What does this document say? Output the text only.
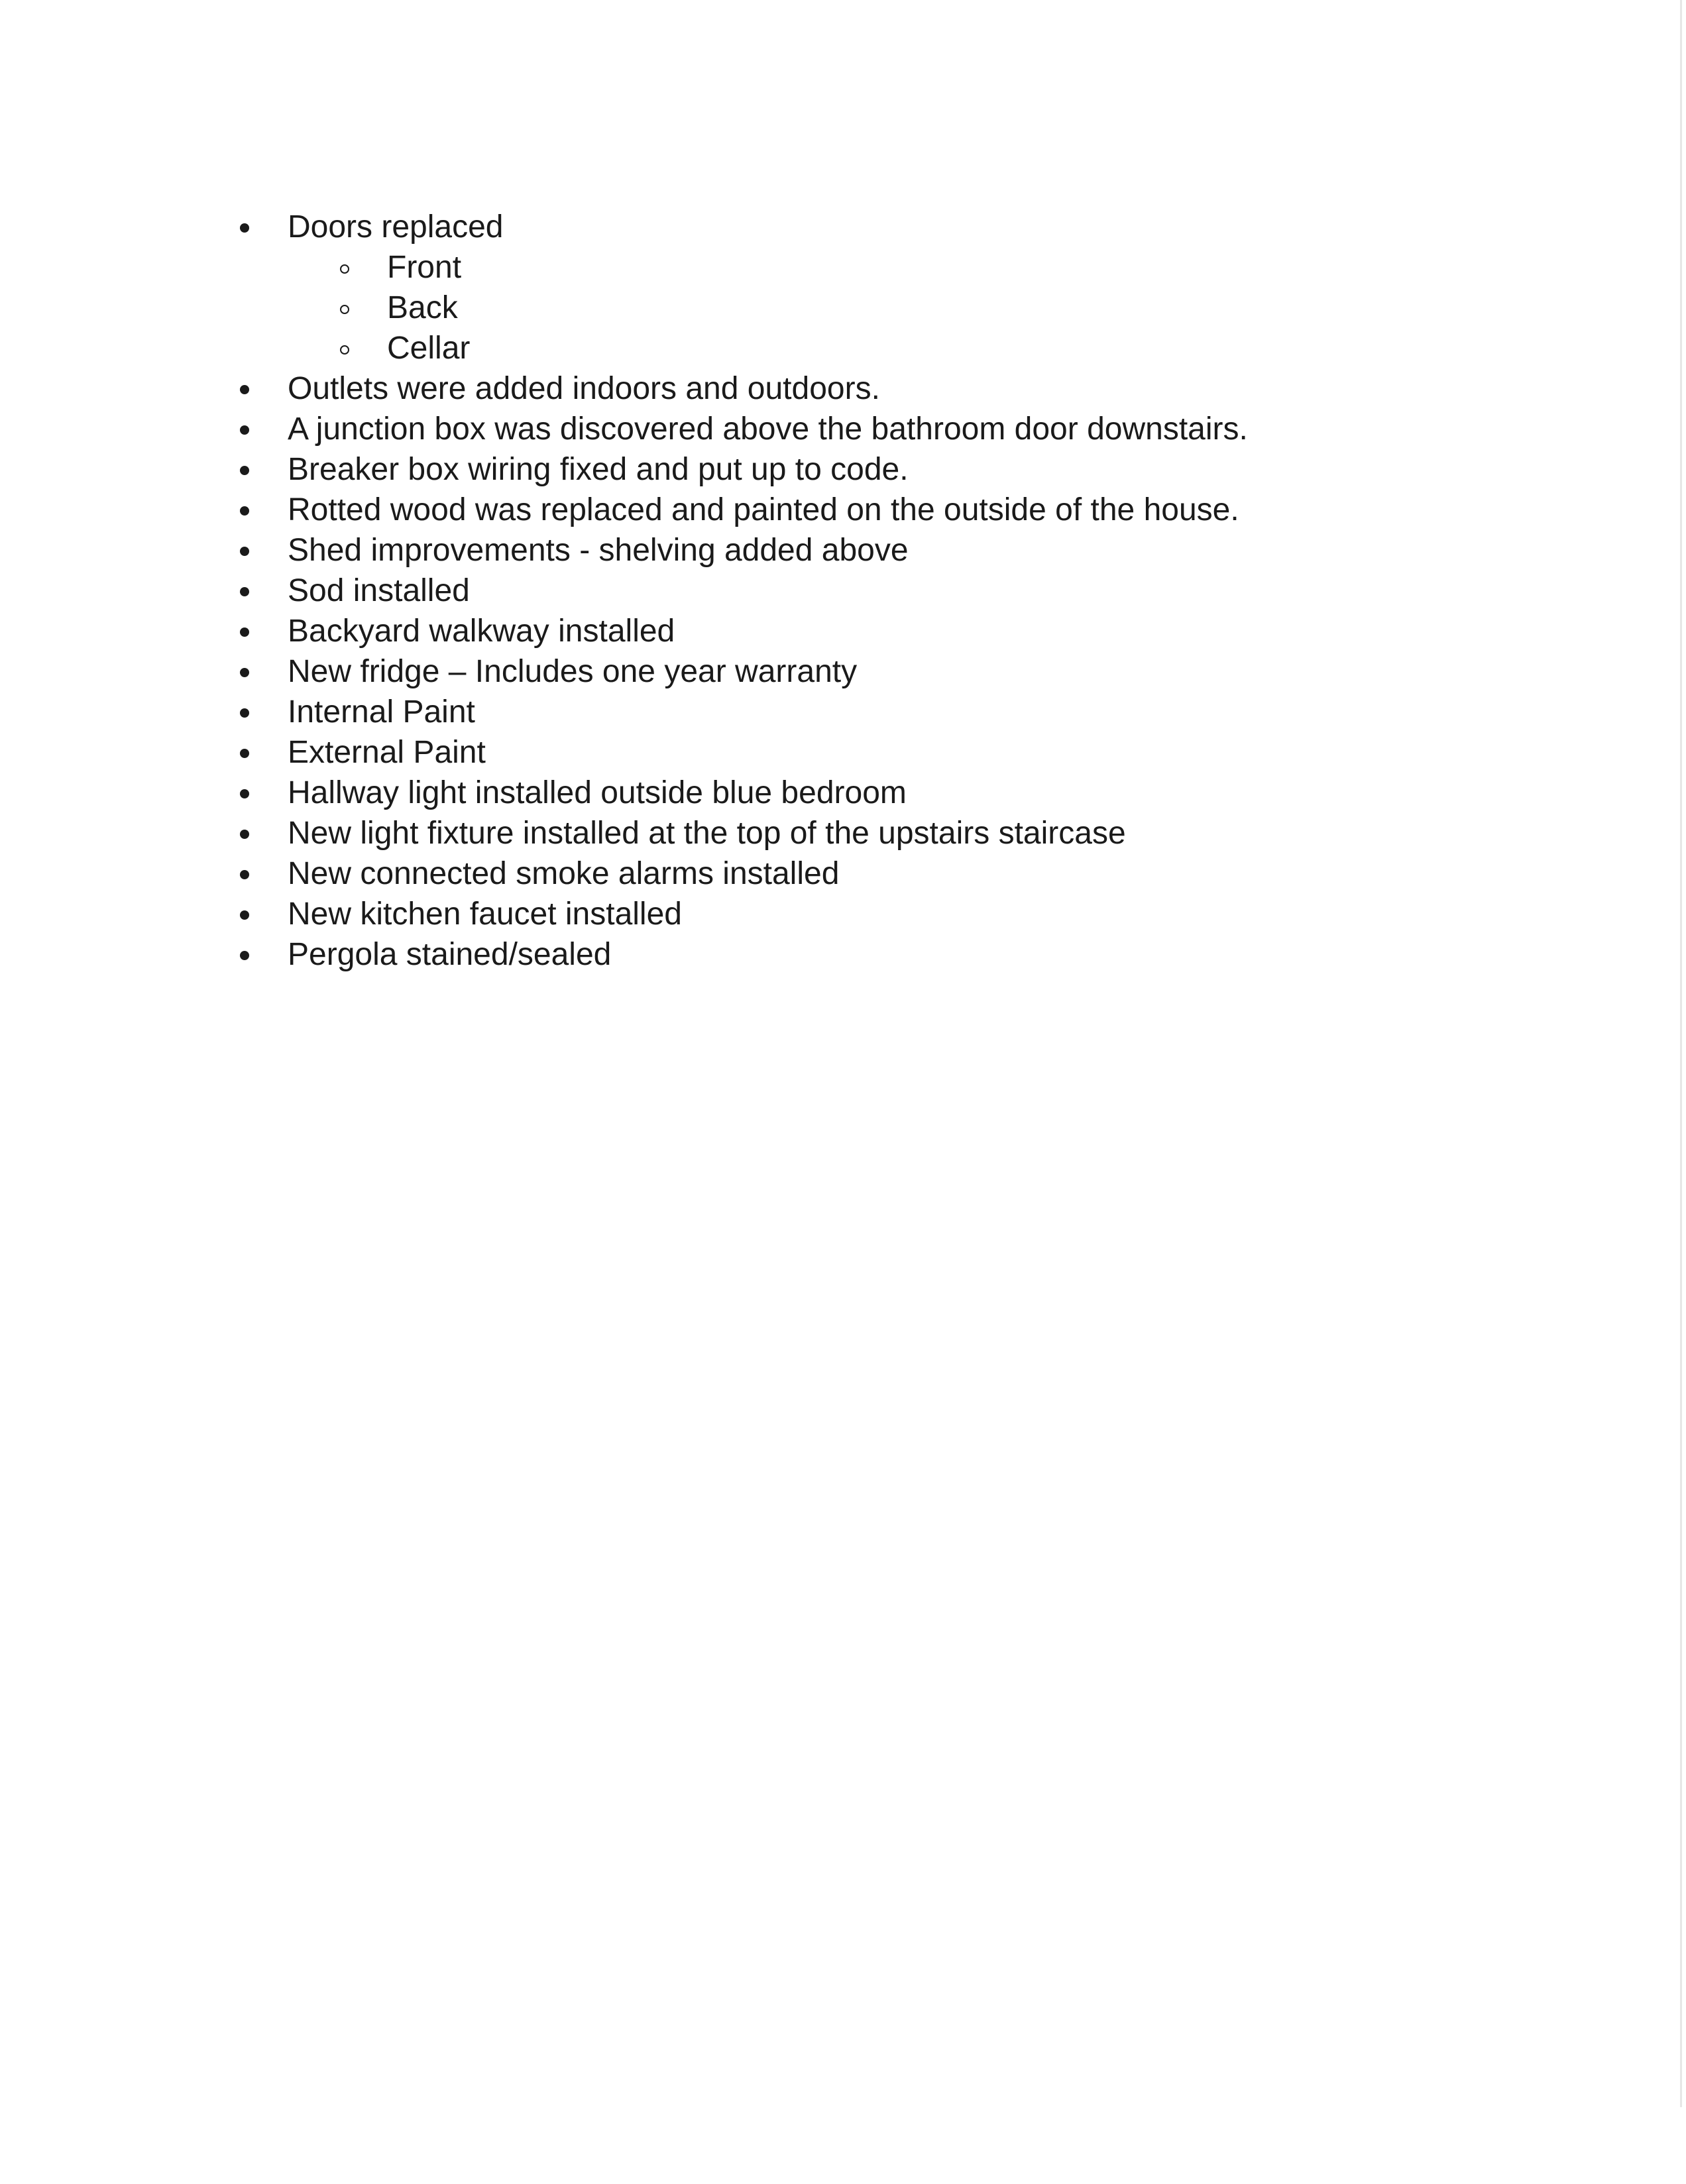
Doors replaced
Front
Back
Cellar
Outlets were added indoors and outdoors.
A junction box was discovered above the bathroom door downstairs.
Breaker box wiring fixed and put up to code.
Rotted wood was replaced and painted on the outside of the house.
Shed improvements - shelving added above
Sod installed
Backyard walkway installed
New fridge – Includes one year warranty
Internal Paint
External Paint
Hallway light installed outside blue bedroom
New light fixture installed at the top of the upstairs staircase
New connected smoke alarms installed
New kitchen faucet installed
Pergola stained/sealed
